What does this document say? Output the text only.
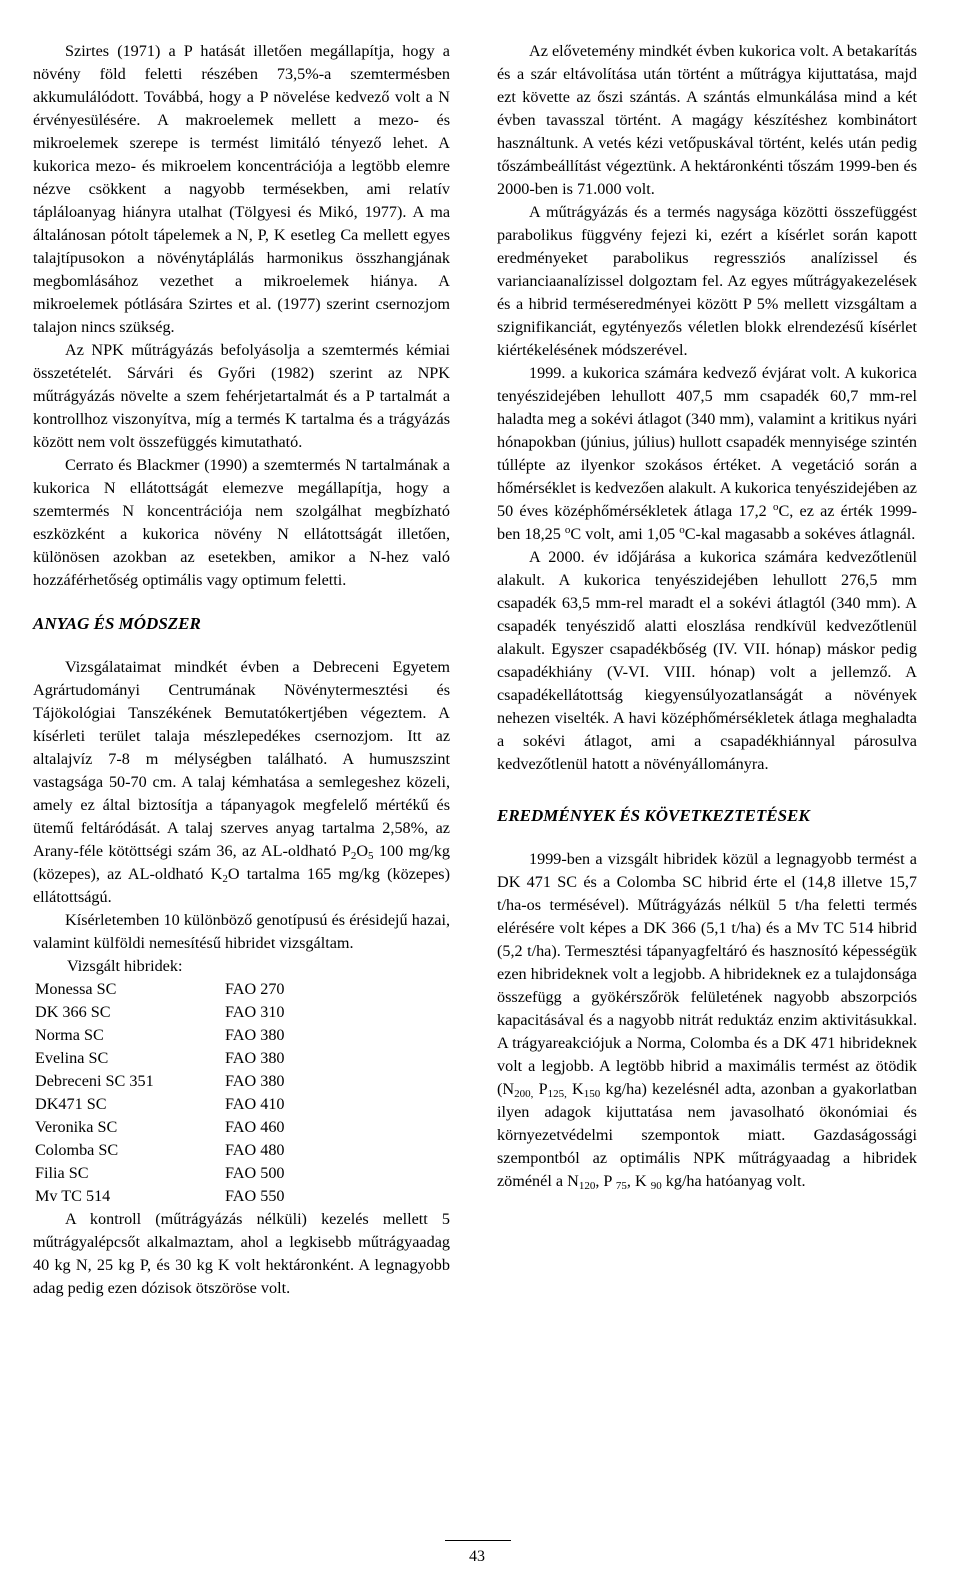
Szirtes (1971) a P hatását illetően megállapítja, hogy a növény föld feletti részében 73,5%-a szemtermésben akkumulálódott. Továbbá, hogy a P növelése kedvező volt a N érvényesülésére. A makroelemek mellett a mezo- és mikroelemek szerepe is termést limitáló tényező lehet. A kukorica mezo- és mikroelem koncentrációja a legtöbb elemre nézve csökkent a nagyobb termésekben, ami relatív tápláloanyag hiányra utalhat (Tölgyesi és Mikó, 1977). A ma általánosan pótolt tápelemek a N, P, K esetleg Ca mellett egyes talajtípusokon a növénytáplálás harmonikus összhangjának megbomlásához vezethet a mikroelemek hiánya. A mikroelemek pótlására Szirtes et al. (1977) szerint csernozjom talajon nincs szükség.

Az NPK műtrágyázás befolyásolja a szemtermés kémiai összetételét. Sárvári és Győri (1982) szerint az NPK műtrágyázás növelte a szem fehérjetartalmát és a P tartalmát a kontrollhoz viszonyítva, míg a termés K tartalma és a trágyázás között nem volt összefüggés kimutatható.

Cerrato és Blackmer (1990) a szemtermés N tartalmának a kukorica N ellátottságát elemezve megállapítja, hogy a szemtermés N koncentrációja nem szolgálhat megbízható eszközként a kukorica növény N ellátottságát illetően, különösen azokban az esetekben, amikor a N-hez való hozzáférhetőség optimális vagy optimum feletti.

ANYAG ÉS MÓDSZER

Vizsgálataimat mindkét évben a Debreceni Egyetem Agrártudományi Centrumának Növénytermesztési és Tájökológiai Tanszékének Bemutatókertjében végeztem. A kísérleti terület talaja mészlepedékes csernozjom. Itt az altalajvíz 7-8 m mélységben található. A humuszszint vastagsága 50-70 cm. A talaj kémhatása a semlegeshez közeli, amely ez által biztosítja a tápanyagok megfelelő mértékű és ütemű feltáródását. A talaj szerves anyag tartalma 2,58%, az Arany-féle kötöttségi szám 36, az AL-oldható $P_2O_5$ 100 mg/kg (közepes), az AL-oldható $K_2O$ tartalma 165 mg/kg (közepes) ellátottságú.

Kísérletemben 10 különböző genotípusú és érésidejű hazai, valamint külföldi nemesítésű hibridet vizsgáltam.

Vizsgált hibridek:

Monessa SC	FAO 270
DK 366 SC	FAO 310
Norma SC	FAO 380
Evelina SC	FAO 380
Debreceni SC 351	FAO 380
DK471 SC	FAO 410
Veronika SC	FAO 460
Colomba SC	FAO 480
Filia SC	FAO 500
Mv TC 514	FAO 550

A kontroll (műtrágyázás nélküli) kezelés mellett 5 műtrágyalépcsőt alkalmaztam, ahol a legkisebb műtrágyaadag 40 kg N, 25 kg P, és 30 kg K volt hektáronként. A legnagyobb adag pedig ezen dózisok ötszöröse volt.

Az elővetemény mindkét évben kukorica volt. A betakarítás és a szár eltávolítása után történt a műtrágya kijuttatása, majd ezt követte az őszi szántás. A szántás elmunkálása mind a két évben tavasszal történt. A magágy készítéshez kombinátort használtunk. A vetés kézi vetőpuskával történt, kelés után pedig tőszámbeállítást végeztünk. A hektáronkénti tőszám 1999-ben és 2000-ben is 71.000 volt.

A műtrágyázás és a termés nagysága közötti összefüggést parabolikus függvény fejezi ki, ezért a kísérlet során kapott eredményeket parabolikus regressziós analízissel és varianciaanalízissel dolgoztam fel. Az egyes műtrágyakezelések és a hibrid terméseredményei között P 5% mellett vizsgáltam a szignifikanciát, egytényezős véletlen blokk elrendezésű kísérlet kiértékelésének módszerével.

1999. a kukorica számára kedvező évjárat volt. A kukorica tenyészidejében lehullott 407,5 mm csapadék 60,7 mm-rel haladta meg a sokévi átlagot (340 mm), valamint a kritikus nyári hónapokban (június, július) hullott csapadék mennyisége szintén túllépte az ilyenkor szokásos értéket. A vegetáció során a hőmérséklet is kedvezően alakult. A kukorica tenyészidejében az 50 éves középhőmérsékletek átlaga 17,2 $^o$C, ez az érték 1999-ben 18,25 $^o$C volt, ami 1,05 $^o$C-kal magasabb a sokéves átlagnál.

A 2000. év időjárása a kukorica számára kedvezőtlenül alakult. A kukorica tenyészidejében lehullott 276,5 mm csapadék 63,5 mm-rel maradt el a sokévi átlagtól (340 mm). A csapadék tenyészidő alatti eloszlása rendkívül kedvezőtlenül alakult. Egyszer csapadékbőség (IV. VII. hónap) máskor pedig csapadékhiány (V-VI. VIII. hónap) volt a jellemző. A csapadékellátottság kiegyensúlyozatlanságát a növények nehezen viselték. A havi középhőmérsékletek átlaga meghaladta a sokévi átlagot, ami a csapadékhiánnyal párosulva kedvezőtlenül hatott a növényállományra.

EREDMÉNYEK ÉS KÖVETKEZTETÉSEK

1999-ben a vizsgált hibridek közül a legnagyobb termést a DK 471 SC és a Colomba SC hibrid érte el (14,8 illetve 15,7 t/ha-os termésével). Műtrágyázás nélkül 5 t/ha feletti termés elérésére volt képes a DK 366 (5,1 t/ha) és a Mv TC 514 hibrid (5,2 t/ha). Termesztési tápanyagfeltáró és hasznosító képességük ezen hibrideknek volt a legjobb. A hibrideknek ez a tulajdonsága összefügg a gyökérszőrök felületének nagyobb abszorpciós kapacitásával és a nagyobb nitrát reduktáz enzim aktivitásukkal. A trágyareakciójuk a Norma, Colomba és a DK 471 hibrideknek volt a legjobb. A legtöbb hibrid a maximális termést az ötödik ($N_{200,}$ $P_{125,}$ $K_{150}$ kg/ha) kezelésnél adta, azonban a gyakorlatban ilyen adagok kijuttatása nem javasolható ökonómiai és környezetvédelmi szempontok miatt. Gazdaságossági szempontból az optimális NPK műtrágyaadag a hibridek zöménél a $N_{120}$, P $_{75}$, K $_{90}$ kg/ha hatóanyag volt.

43
